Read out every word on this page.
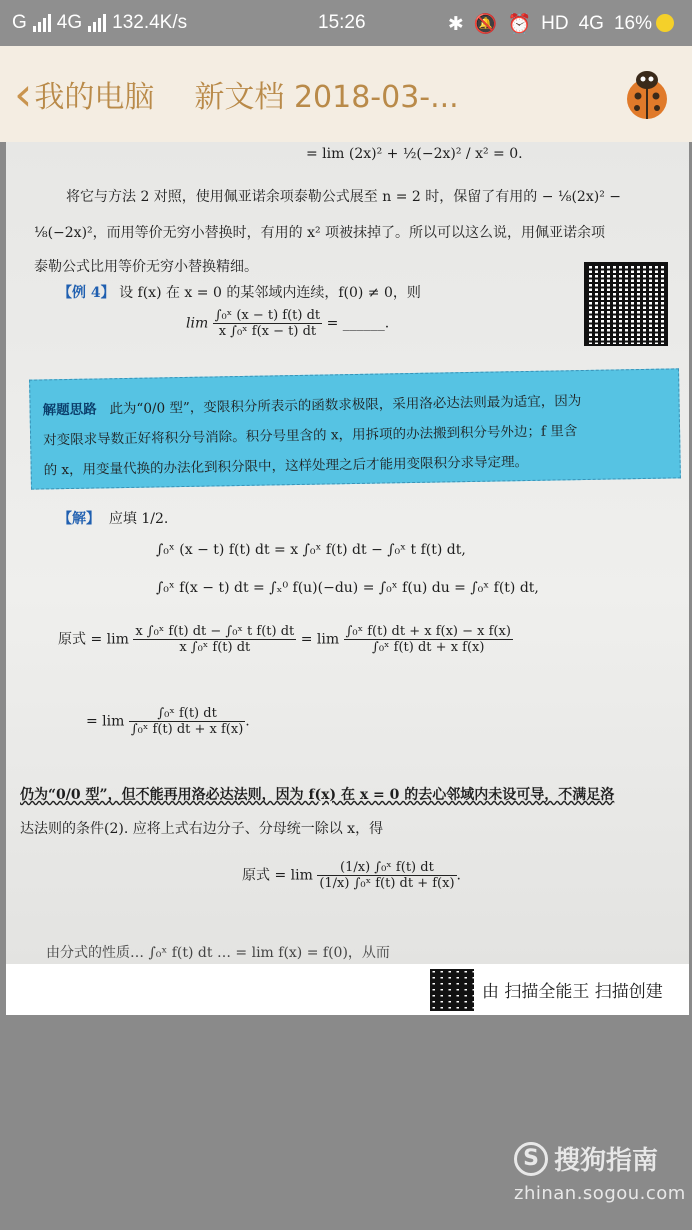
G 4G 132.4K/s	15:26	✱ 🔕 ⏰ HD 4G 16%
‹ 我的电脑 新文档 2018-03-...
= lim (2x)² + ½(−2x)² / x² = 0.
将它与方法 2 对照，使用佩亚诺余项泰勒公式展至 n = 2 时，保留了有用的 − ⅛(2x)² −
⅛(−2x)²，而用等价无穷小替换时，有用的 x² 项被抹掉了。所以可以这么说，用佩亚诺余项
泰勒公式比用等价无穷小替换精细。
【例 4】 设 f(x) 在 x = 0 的某邻域内连续，f(0) ≠ 0，则
$\lim \frac{\text{∫₀ˣ (x − t) f(t) dt}}{\text{x ∫₀ˣ f(x − t) dt}}$ = ______.
解题思路 此为“0/0 型”，变限积分所表示的函数求极限，采用洛必达法则最为适宜，因为
对变限求导数正好将积分号消除。积分号里含的 x，用拆项的办法搬到积分号外边；f 里含
的 x，用变量代换的办法化到积分限中，这样处理之后才能用变限积分求导定理。
【解】 应填 1/2.
∫₀ˣ (x − t) f(t) dt = x ∫₀ˣ f(t) dt − ∫₀ˣ t f(t) dt,
∫₀ˣ f(x − t) dt = ∫ₓ⁰ f(u)(−du) = ∫₀ˣ f(u) du = ∫₀ˣ f(t) dt,
原式 = $\lim \frac{\text{x ∫₀ˣ f(t) dt − ∫₀ˣ t f(t) dt}}{\text{x ∫₀ˣ f(t) dt}} = \lim \frac{\text{∫₀ˣ f(t) dt + x f(x) − x f(x)}}{\text{∫₀ˣ f(t) dt + x f(x)}}$
= $\lim \frac{\text{∫₀ˣ f(t) dt}}{\text{∫₀ˣ f(t) dt + x f(x)}}$ .
仍为“0/0 型”，但不能再用洛必达法则，因为 f(x) 在 x = 0 的去心邻域内未设可导，不满足洛
达法则的条件(2). 应将上式右边分子、分母统一除以 x，得
原式 = $\lim \frac{\text{(1/x) ∫₀ˣ f(t) dt}}{\text{(1/x) ∫₀ˣ f(t) dt + f(x)}}$ .
由分式的性质… ∫₀ˣ f(t) dt … = lim f(x) = f(0)，从而
由 扫描全能王 扫描创建
S 搜狗指南
zhinan.sogou.com
